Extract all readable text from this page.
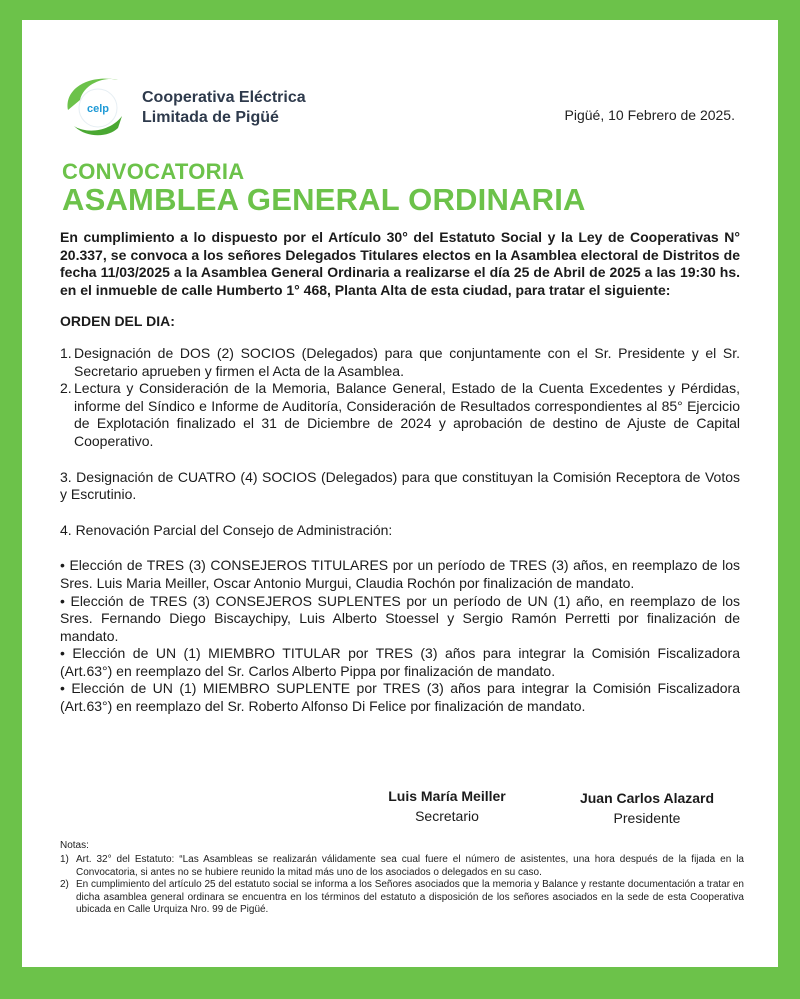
celp
Cooperativa Eléctrica
Limitada de Pigüé	Pigüé, 10 Febrero de 2025.
CONVOCATORIA
ASAMBLEA GENERAL ORDINARIA

En cumplimiento a lo dispuesto por el Artículo 30° del Estatuto Social y la Ley de Cooperativas N° 20.337, se convoca a los señores Delegados Titulares electos en la Asamblea electoral de Distritos de fecha 11/03/2025 a la Asamblea General Ordinaria a realizarse el día 25 de Abril de 2025 a las 19:30 hs. en el inmueble de calle Humberto 1° 468, Planta Alta de esta ciudad, para tratar el siguiente:

ORDEN DEL DIA:
1. Designación de DOS (2) SOCIOS (Delegados) para que conjuntamente con el Sr. Presidente y el Sr. Secretario aprueben y firmen el Acta de la Asamblea.
2. Lectura y Consideración de la Memoria, Balance General, Estado de la Cuenta Excedentes y Pérdidas, informe del Síndico e Informe de Auditoría, Consideración de Resultados correspondientes al 85° Ejercicio de Explotación finalizado el 31 de Diciembre de 2024 y aprobación de destino de Ajuste de Capital Cooperativo.

3. Designación de CUATRO (4) SOCIOS (Delegados) para que constituyan la Comisión Receptora de Votos y Escrutinio.

4. Renovación Parcial del Consejo de Administración:

• Elección de TRES (3) CONSEJEROS TITULARES por un período de TRES (3) años, en reemplazo de los Sres. Luis Maria Meiller, Oscar Antonio Murgui, Claudia Rochón por finalización de mandato.

• Elección de TRES (3) CONSEJEROS SUPLENTES por un período de UN (1) año, en reemplazo de los Sres. Fernando Diego Biscaychipy, Luis Alberto Stoessel y Sergio Ramón Perretti por finalización de mandato.

• Elección de UN (1) MIEMBRO TITULAR por TRES (3) años para integrar la Comisión Fiscalizadora (Art.63°) en reemplazo del Sr. Carlos Alberto Pippa por finalización de mandato.

• Elección de UN (1) MIEMBRO SUPLENTE por TRES (3) años para integrar la Comisión Fiscalizadora (Art.63°) en reemplazo del Sr. Roberto Alfonso Di Felice por finalización de mandato.

Luis María Meiller
Secretario
Juan Carlos Alazard
Presidente
Notas:
1) Art. 32° del Estatuto: “Las Asambleas se realizarán válidamente sea cual fuere el número de asistentes, una hora después de la fijada en la Convocatoria, si antes no se hubiere reunido la mitad más uno de los asociados o delegados en su caso.
2) En cumplimiento del artículo 25 del estatuto social se informa a los Señores asociados que la memoria y Balance y restante documentación a tratar en dicha asamblea general ordinara se encuentra en los términos del estatuto a disposición de los señores asociados en la sede de esta Cooperativa ubicada en Calle Urquiza Nro. 99 de Pigüé.
